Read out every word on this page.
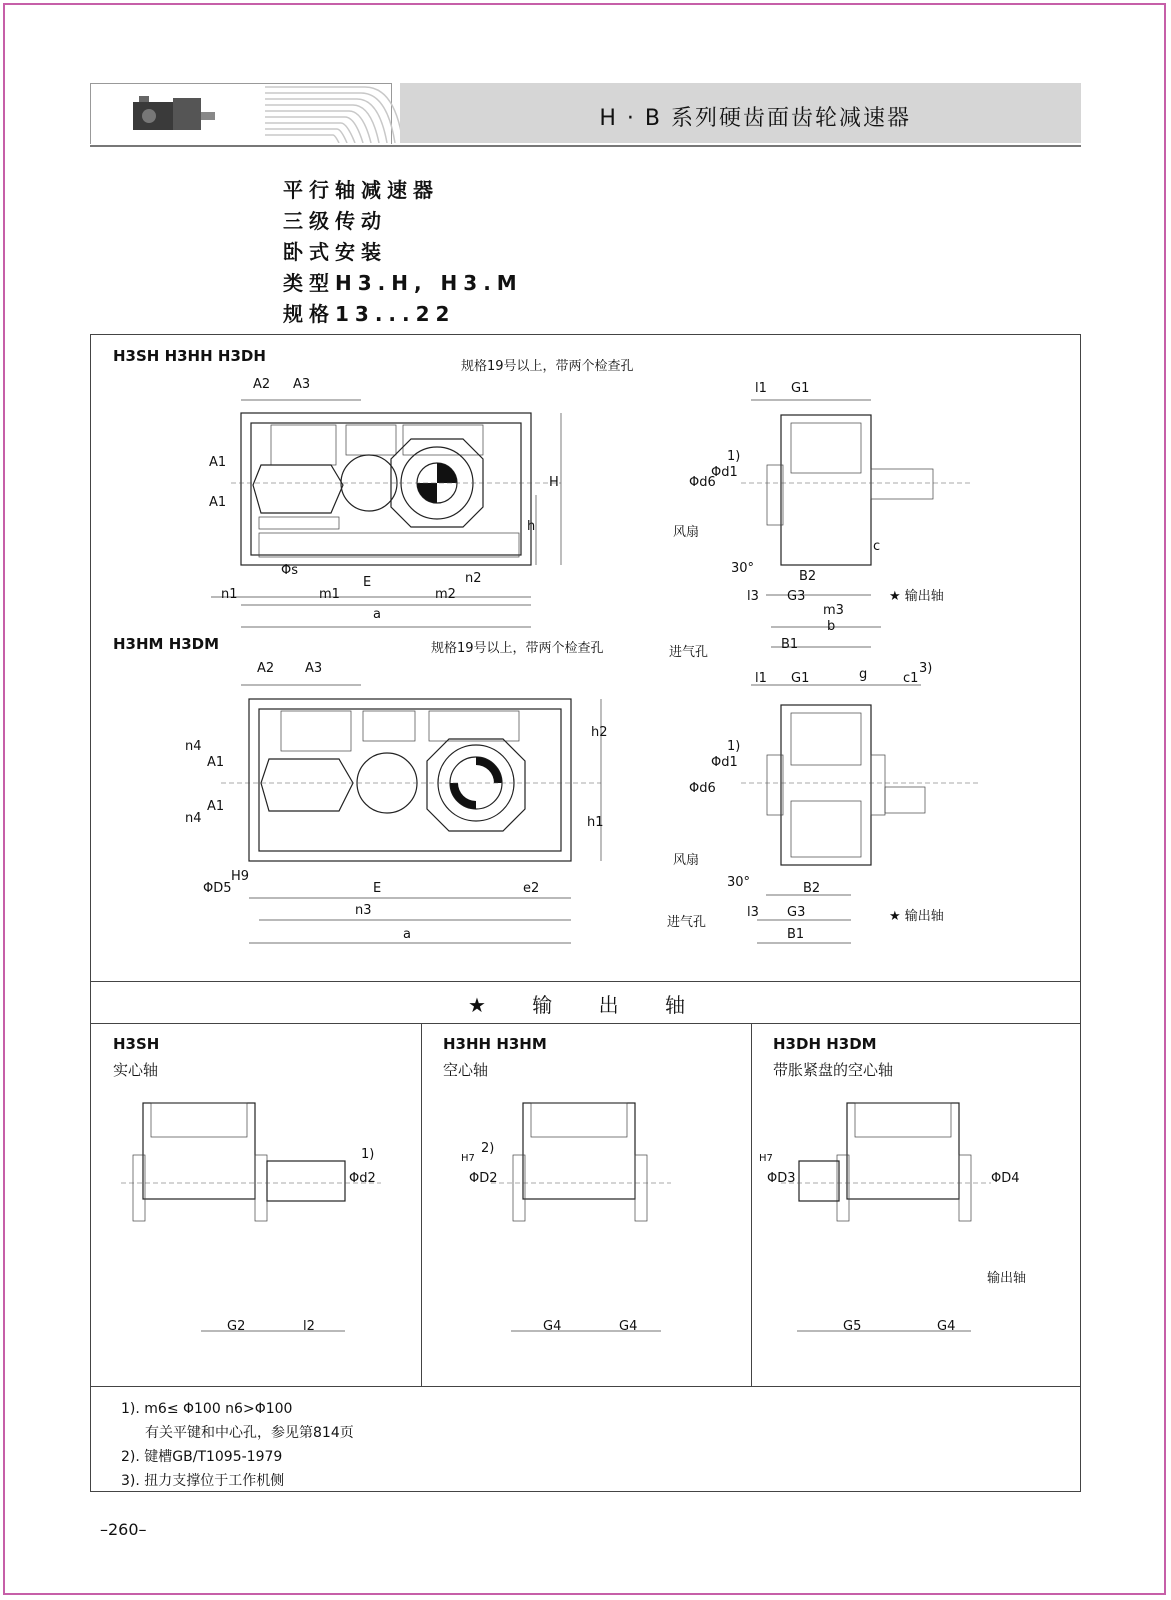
H · B 系列硬齿面齿轮减速器
平行轴减速器
三级传动
卧式安装
类型H3.H, H3.M
规格13...22
H3SH H3HH H3DH
规格19号以上，带两个检查孔
A2 A3
A1
A1
H
h
Φs
E	n2
n1	m1	m2
a
l1 G1
1)
Φd1
Φd6
风扇
c
30°
B2
l3 G3	★ 输出轴
m3
b
B1
进气孔
H3HM H3DM	规格19号以上，带两个检查孔
A2 A3
h2
n4
A1
A1
n4	h1
H9
ΦD5	E	e2
n3
a
l1 G1	g	c1
3)
1)
Φd1
Φd6
风扇
30°	B2
进气孔
l3 G3	★ 输出轴
B1
★ 输 出 轴
H3SH
实心轴
Φd2
1)
G2	l2
H3HH H3HM
空心轴
ΦD2
H7
2)
G4	G4
H3DH H3DM
带胀紧盘的空心轴
ΦD3
H7
ΦD4
输出轴
G5	G4
1). m6≤ Φ100 n6>Φ100
有关平键和中心孔，参见第814页
2). 键槽GB/T1095-1979
3). 扭力支撑位于工作机侧
–260–
